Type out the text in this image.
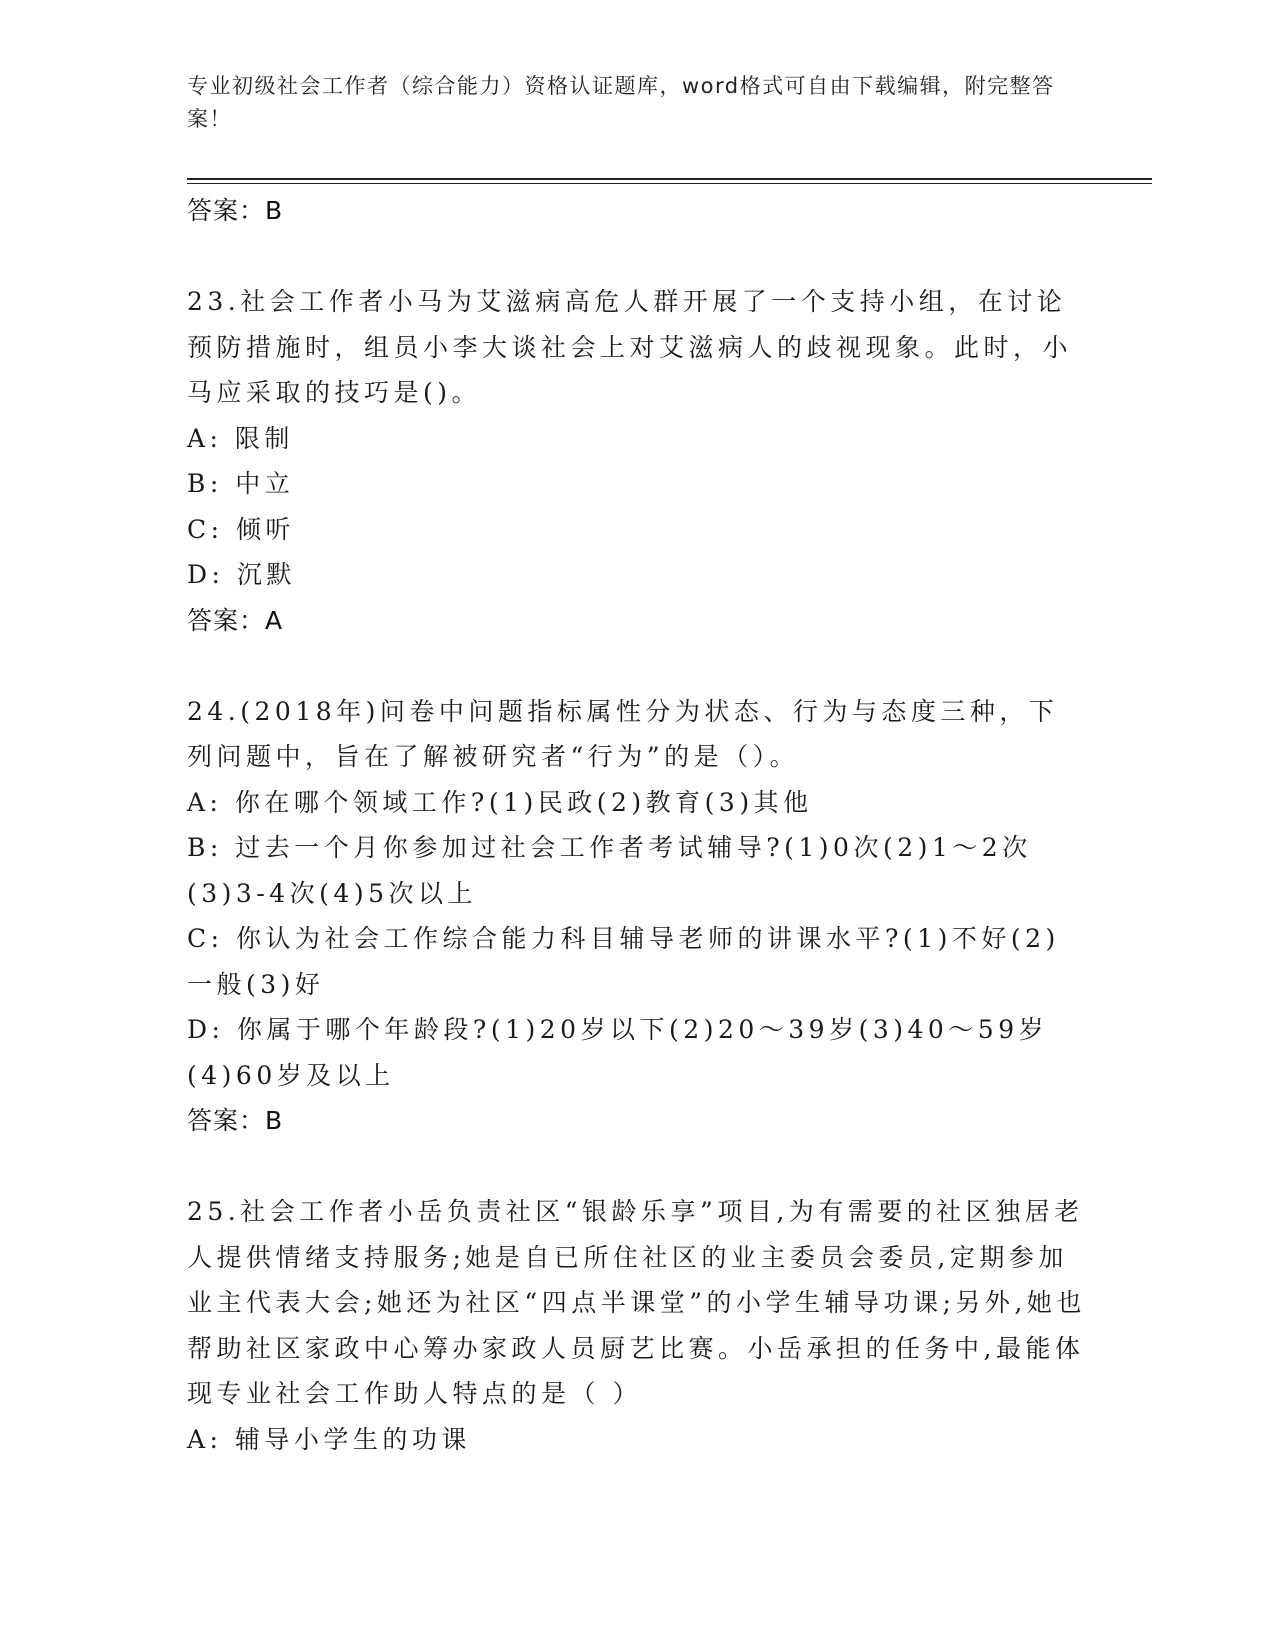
专业初级社会工作者（综合能力）资格认证题库，word格式可自由下载编辑，附完整答案！
答案：B
23.社会工作者小马为艾滋病高危人群开展了一个支持小组，在讨论预防措施时，组员小李大谈社会上对艾滋病人的歧视现象。此时，小马应采取的技巧是()。
A: 限制
B: 中立
C: 倾听
D: 沉默
答案：A
24.(2018年)问卷中问题指标属性分为状态、行为与态度三种，下列问题中，旨在了解被研究者“行为”的是（）。
A: 你在哪个领域工作?(1)民政(2)教育(3)其他
B: 过去一个月你参加过社会工作者考试辅导?(1)0次(2)1～2次(3)3-4次(4)5次以上
C: 你认为社会工作综合能力科目辅导老师的讲课水平?(1)不好(2)一般(3)好
D: 你属于哪个年龄段?(1)20岁以下(2)20～39岁(3)40～59岁(4)60岁及以上
答案：B
25.社会工作者小岳负责社区“银龄乐享”项目,为有需要的社区独居老人提供情绪支持服务;她是自已所住社区的业主委员会委员,定期参加业主代表大会;她还为社区“四点半课堂”的小学生辅导功课;另外,她也帮助社区家政中心筹办家政人员厨艺比赛。小岳承担的任务中,最能体现专业社会工作助人特点的是（ ）
A: 辅导小学生的功课
